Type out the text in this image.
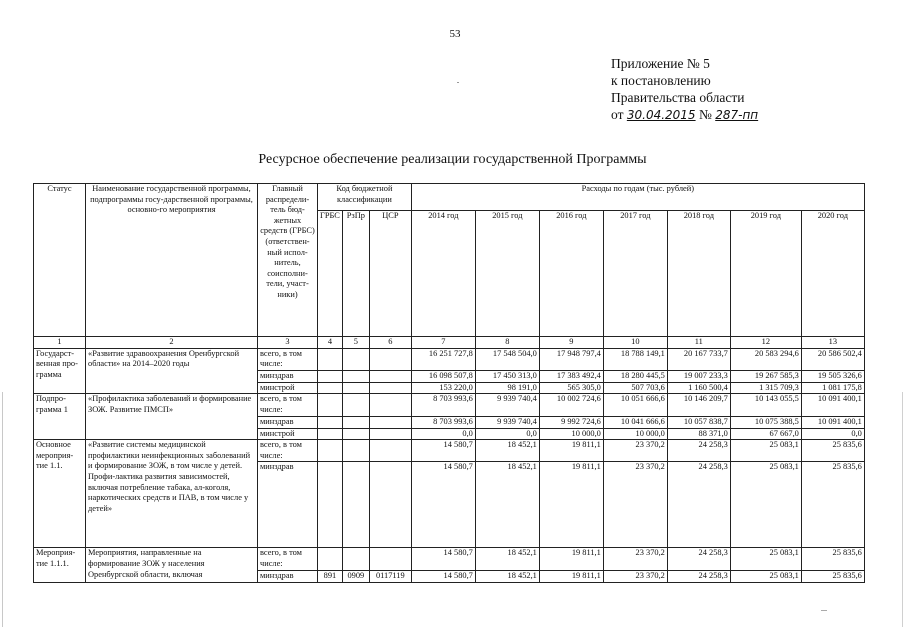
53
Приложение № 5
к постановлению
Правительства области
от 30.04.2015 № 287-пп
Ресурсное обеспечение реализации государственной Программы
Статус	Наименование государственной программы, подпрограммы госу-дарственной программы, основно-го мероприятия	Главный распредели-тель бюд-жетных средств (ГРБС) (ответствен-ный испол-нитель, соисполни-тели, участ-ники)	Код бюджетной классификации			Расходы по годам (тыс. рублей)						
			ГРБС	РзПр	ЦСР	2014 год	2015 год	2016 год	2017 год	2018 год	2019 год	2020 год
1	2	3	4	5	6	7	8	9	10	11	12	13
Государст-венная про-грамма	«Развитие здравоохранения Оренбургской области» на 2014–2020 годы	всего, в том числе:				16 251 727,8	17 548 504,0	17 948 797,4	18 788 149,1	20 167 733,7	20 583 294,6	20 586 502,4
		минздрав				16 098 507,8	17 450 313,0	17 383 492,4	18 280 445,5	19 007 233,3	19 267 585,3	19 505 326,6
		минстрой				153 220,0	98 191,0	565 305,0	507 703,6	1 160 500,4	1 315 709,3	1 081 175,8
Подпро-грамма 1	«Профилактика заболеваний и формирование ЗОЖ. Развитие ПМСП»	всего, в том числе:				8 703 993,6	9 939 740,4	10 002 724,6	10 051 666,6	10 146 209,7	10 143 055,5	10 091 400,1
		минздрав				8 703 993,6	9 939 740,4	9 992 724,6	10 041 666,6	10 057 838,7	10 075 388,5	10 091 400,1
		минстрой				0,0	0,0	10 000,0	10 000,0	88 371,0	67 667,0	0,0
Основное мероприя-тие 1.1.	«Развитие системы медицинской профилактики неинфекционных заболеваний и формирование ЗОЖ, в том числе у детей. Профи-лактика развития зависимостей, включая потребление табака, ал-коголя, наркотических средств и ПАВ, в том числе у детей»	всего, в том числе:				14 580,7	18 452,1	19 811,1	23 370,2	24 258,3	25 083,1	25 835,6
		минздрав				14 580,7	18 452,1	19 811,1	23 370,2	24 258,3	25 083,1	25 835,6
Мероприя-тие 1.1.1.	Мероприятия, направленные на формирование ЗОЖ у населения Оренбургской области, включая	всего, в том числе:				14 580,7	18 452,1	19 811,1	23 370,2	24 258,3	25 083,1	25 835,6
		минздрав	891	0909	0117119	14 580,7	18 452,1	19 811,1	23 370,2	24 258,3	25 083,1	25 835,6
